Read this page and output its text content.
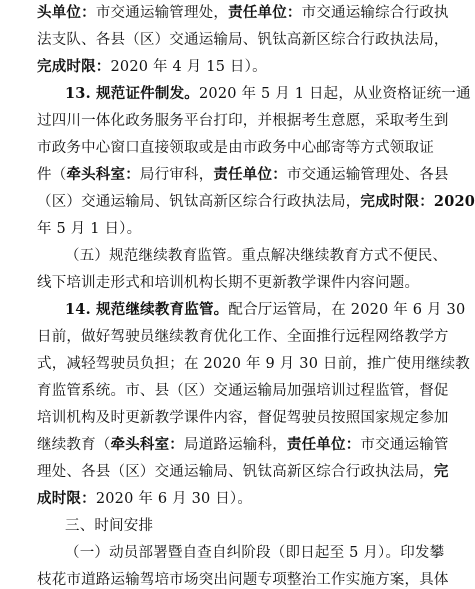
头单位：市交通运输管理处，责任单位：市交通运输综合行政执
法支队、各县（区）交通运输局、钒钛高新区综合行政执法局，
完成时限：2020 年 4 月 15 日）。
13. 规范证件制发。2020 年 5 月 1 日起，从业资格证统一通
过四川一体化政务服务平台打印，并根据考生意愿，采取考生到
市政务中心窗口直接领取或是由市政务中心邮寄等方式领取证
件（牵头科室：局行审科，责任单位：市交通运输管理处、各县
（区）交通运输局、钒钛高新区综合行政执法局，完成时限：2020
年 5 月 1 日）。
（五）规范继续教育监管。重点解决继续教育方式不便民、
线下培训走形式和培训机构长期不更新教学课件内容问题。
14. 规范继续教育监管。配合厅运管局，在 2020 年 6 月 30
日前，做好驾驶员继续教育优化工作、全面推行远程网络教学方
式，减轻驾驶员负担；在 2020 年 9 月 30 日前，推广使用继续教
育监管系统。市、县（区）交通运输局加强培训过程监管，督促
培训机构及时更新教学课件内容，督促驾驶员按照国家规定参加
继续教育（牵头科室：局道路运输科，责任单位：市交通运输管
理处、各县（区）交通运输局、钒钛高新区综合行政执法局，完
成时限：2020 年 6 月 30 日）。
三、时间安排
（一）动员部署暨自查自纠阶段（即日起至 5 月）。印发攀
枝花市道路运输驾培市场突出问题专项整治工作实施方案，具体
